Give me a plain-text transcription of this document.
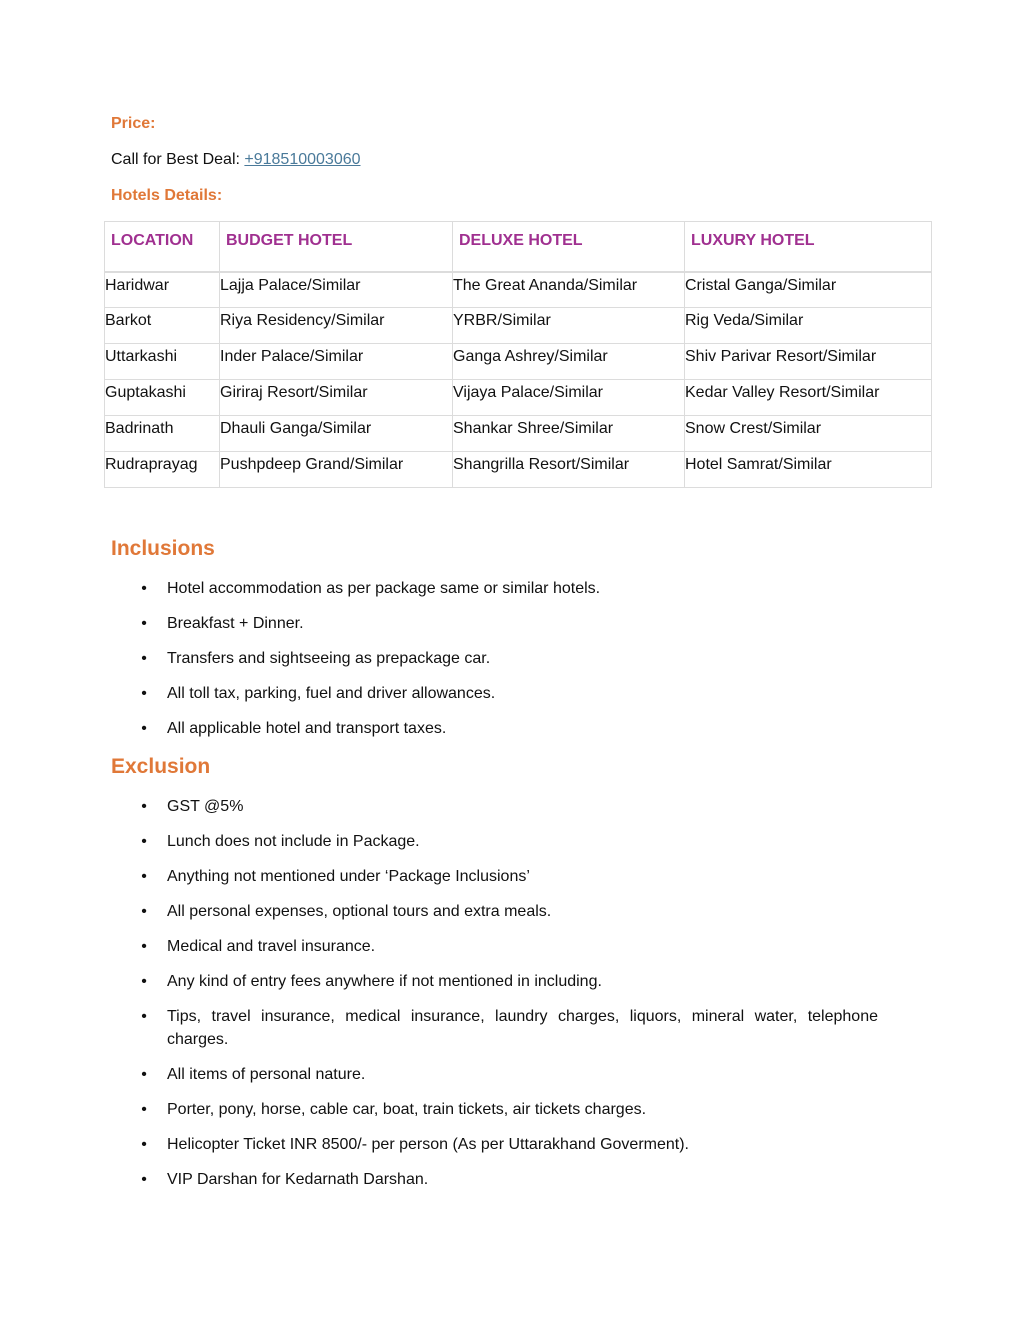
Price:
Call for Best Deal: +918510003060
Hotels Details:
LOCATION	BUDGET HOTEL	DELUXE HOTEL	LUXURY HOTEL
Haridwar	Lajja Palace/Similar	The Great Ananda/Similar	Cristal Ganga/Similar
Barkot	Riya Residency/Similar	YRBR/Similar	Rig Veda/Similar
Uttarkashi	Inder Palace/Similar	Ganga Ashrey/Similar	Shiv Parivar Resort/Similar
Guptakashi	Giriraj Resort/Similar	Vijaya Palace/Similar	Kedar Valley Resort/Similar
Badrinath	Dhauli Ganga/Similar	Shankar Shree/Similar	Snow Crest/Similar
Rudraprayag	Pushpdeep Grand/Similar	Shangrilla Resort/Similar	Hotel Samrat/Similar
Inclusions
• Hotel accommodation as per package same or similar hotels.
• Breakfast + Dinner.
• Transfers and sightseeing as prepackage car.
• All toll tax, parking, fuel and driver allowances.
• All applicable hotel and transport taxes.
Exclusion
• GST @5%
• Lunch does not include in Package.
• Anything not mentioned under ‘Package Inclusions’
• All personal expenses, optional tours and extra meals.
• Medical and travel insurance.
• Any kind of entry fees anywhere if not mentioned in including.
• Tips, travel insurance, medical insurance, laundry charges, liquors, mineral water, telephone charges.
• All items of personal nature.
• Porter, pony, horse, cable car, boat, train tickets, air tickets charges.
• Helicopter Ticket INR 8500/- per person (As per Uttarakhand Goverment).
• VIP Darshan for Kedarnath Darshan.
